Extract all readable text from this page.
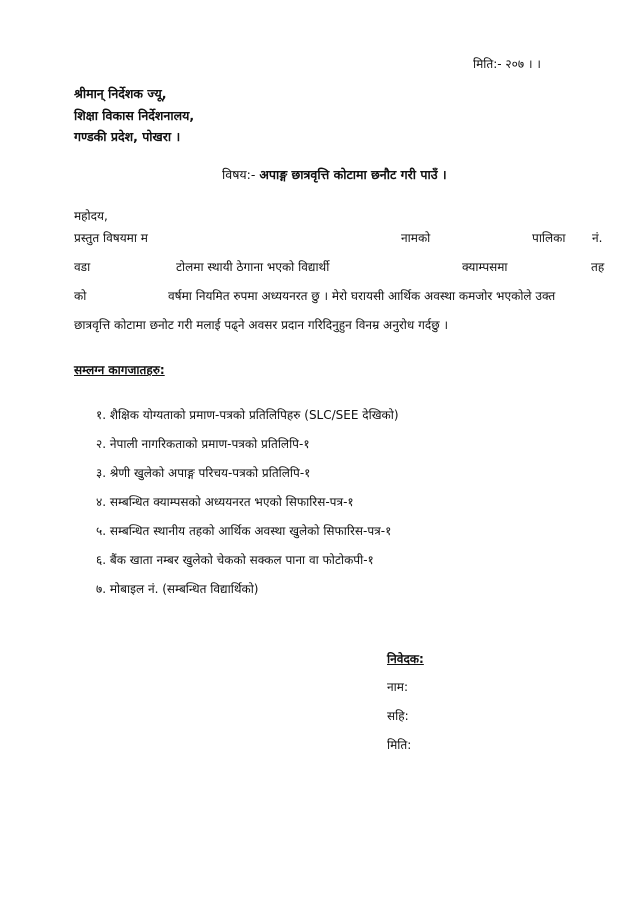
मिति:- २०७ । ।
श्रीमान् निर्देशक ज्यू,
शिक्षा विकास निर्देशनालय,
गण्डकी प्रदेश, पोखरा ।
विषय:- अपाङ्ग छात्रवृत्ति कोटामा छनौट गरी पाउँ ।
महोदय,
प्रस्तुत विषयमा म	नामको	पालिका नं.
वडा	टोलमा स्थायी ठेगाना भएको विद्यार्थी	क्याम्पसमा	तह
को	वर्षमा नियमित रुपमा अध्ययनरत छु । मेरो घरायसी आर्थिक अवस्था कमजोर भएकोले उक्त
छात्रवृत्ति कोटामा छनोट गरी मलाई पढ्ने अवसर प्रदान गरिदिनुहुन विनम्र अनुरोध गर्दछु ।
सम्लग्न कागजातहरु:
१. शैक्षिक योग्यताको प्रमाण-पत्रको प्रतिलिपिहरु (SLC/SEE देखिको)
२. नेपाली नागरिकताको प्रमाण-पत्रको प्रतिलिपि-१
३. श्रेणी खुलेको अपाङ्ग परिचय-पत्रको प्रतिलिपि-१
४. सम्बन्धित क्याम्पसको अध्ययनरत भएको सिफारिस-पत्र-१
५. सम्बन्धित स्थानीय तहको आर्थिक अवस्था खुलेको सिफारिस-पत्र-१
६. बैंक खाता नम्बर खुलेको चेकको सक्कल पाना वा फोटोकपी-१
७. मोबाइल नं. (सम्बन्धित विद्यार्थिको)
निवेदक:
नाम:
सहि:
मिति:
